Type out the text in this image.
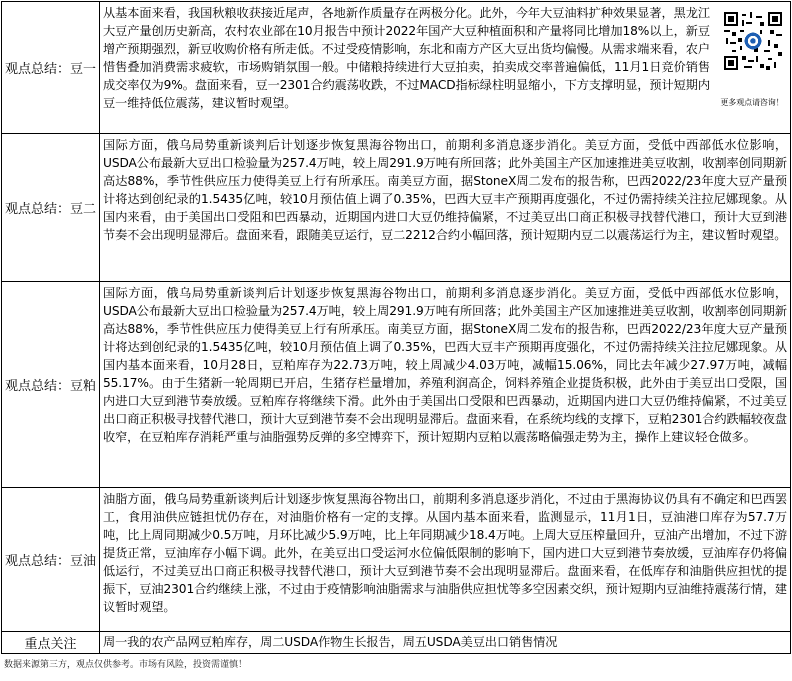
观点总结：豆一
从基本面来看，我国秋粮收获接近尾声，各地新作质量存在两极分化。此外，今年大豆油料扩种效果显著，黑龙江大豆产量创历史新高，农村农业部在10月报告中预计2022年国产大豆种植面积和产量将同比增加18%以上，新豆增产预期强烈，新豆收购价格有所走低。不过受疫情影响，东北和南方产区大豆出货均偏慢。从需求端来看，农户惜售叠加消费需求疲软，市场购销氛围一般。中储粮持续进行大豆拍卖，拍卖成交率普遍偏低，11月1日竞价销售成交率仅为9%。盘面来看，豆一2301合约震荡收跌，不过MACD指标绿柱明显缩小，下方支撑明显，预计短期内豆一维持低位震荡，建议暂时观望。	更多观点请咨询！
观点总结：豆二
国际方面，俄乌局势重新谈判后计划逐步恢复黑海谷物出口，前期利多消息逐步消化。美豆方面，受低中西部低水位影响，USDA公布最新大豆出口检验量为257.4万吨，较上周291.9万吨有所回落；此外美国主产区加速推进美豆收割，收割率创同期新高达88%，季节性供应压力使得美豆上行有所承压。南美豆方面，据StoneX周二发布的报告称，巴西2022/23年度大豆产量预计将达到创纪录的1.5435亿吨，较10月预估值上调了0.35%，巴西大豆丰产预期再度强化，不过仍需持续关注拉尼娜现象。从国内来看，由于美国出口受阻和巴西暴动，近期国内进口大豆仍维持偏紧，不过美豆出口商正积极寻找替代港口，预计大豆到港节奏不会出现明显滞后。盘面来看，跟随美豆运行，豆二2212合约小幅回落，预计短期内豆二以震荡运行为主，建议暂时观望。
观点总结：豆粕
国际方面，俄乌局势重新谈判后计划逐步恢复黑海谷物出口，前期利多消息逐步消化。美豆方面，受低中西部低水位影响，USDA公布最新大豆出口检验量为257.4万吨，较上周291.9万吨有所回落；此外美国主产区加速推进美豆收割，收割率创同期新高达88%，季节性供应压力使得美豆上行有所承压。南美豆方面，据StoneX周二发布的报告称，巴西2022/23年度大豆产量预计将达到创纪录的1.5435亿吨，较10月预估值上调了0.35%，巴西大豆丰产预期再度强化，不过仍需持续关注拉尼娜现象。从国内基本面来看，10月28日，豆粕库存为22.73万吨，较上周减少4.03万吨，减幅15.06%，同比去年减少27.97万吨，减幅55.17%。由于生猪新一轮周期已开启，生猪存栏量增加，养殖利润高企，饲料养殖企业提货积极，此外由于美豆出口受限，国内进口大豆到港节奏放缓。豆粕库存将继续下滑。此外由于美国出口受限和巴西暴动，近期国内进口大豆仍维持偏紧，不过美豆出口商正积极寻找替代港口，预计大豆到港节奏不会出现明显滞后。盘面来看，在系统均线的支撑下，豆粕2301合约跌幅较夜盘收窄，在豆粕库存消耗严重与油脂强势反弹的多空博弈下，预计短期内豆粕以震荡略偏强走势为主，操作上建议轻仓做多。
观点总结：豆油
油脂方面，俄乌局势重新谈判后计划逐步恢复黑海谷物出口，前期利多消息逐步消化，不过由于黑海协议仍具有不确定和巴西罢工，食用油供应链担忧仍存在，对油脂价格有一定的支撑。从国内基本面来看，监测显示，11月1日，豆油港口库存为57.7万吨，比上周同期减少0.5万吨，月环比减少5.9万吨，比上年同期减少18.4万吨。上周大豆压榨量回升，豆油产出增加，不过下游提货正常，豆油库存小幅下调。此外，在美豆出口受运河水位偏低限制的影响下，国内进口大豆到港节奏放缓，豆油库存仍将偏低运行，不过美豆出口商正积极寻找替代港口，预计大豆到港节奏不会出现明显滞后。盘面来看，在低库存和油脂供应担忧的提振下，豆油2301合约继续上涨，不过由于疫情影响油脂需求与油脂供应担忧等多空因素交织，预计短期内豆油维持震荡行情，建议暂时观望。
重点关注	周一我的农产品网豆粕库存，周二USDA作物生长报告，周五USDA美豆出口销售情况
数据来源第三方，观点仅供参考。市场有风险，投资需谨慎！
